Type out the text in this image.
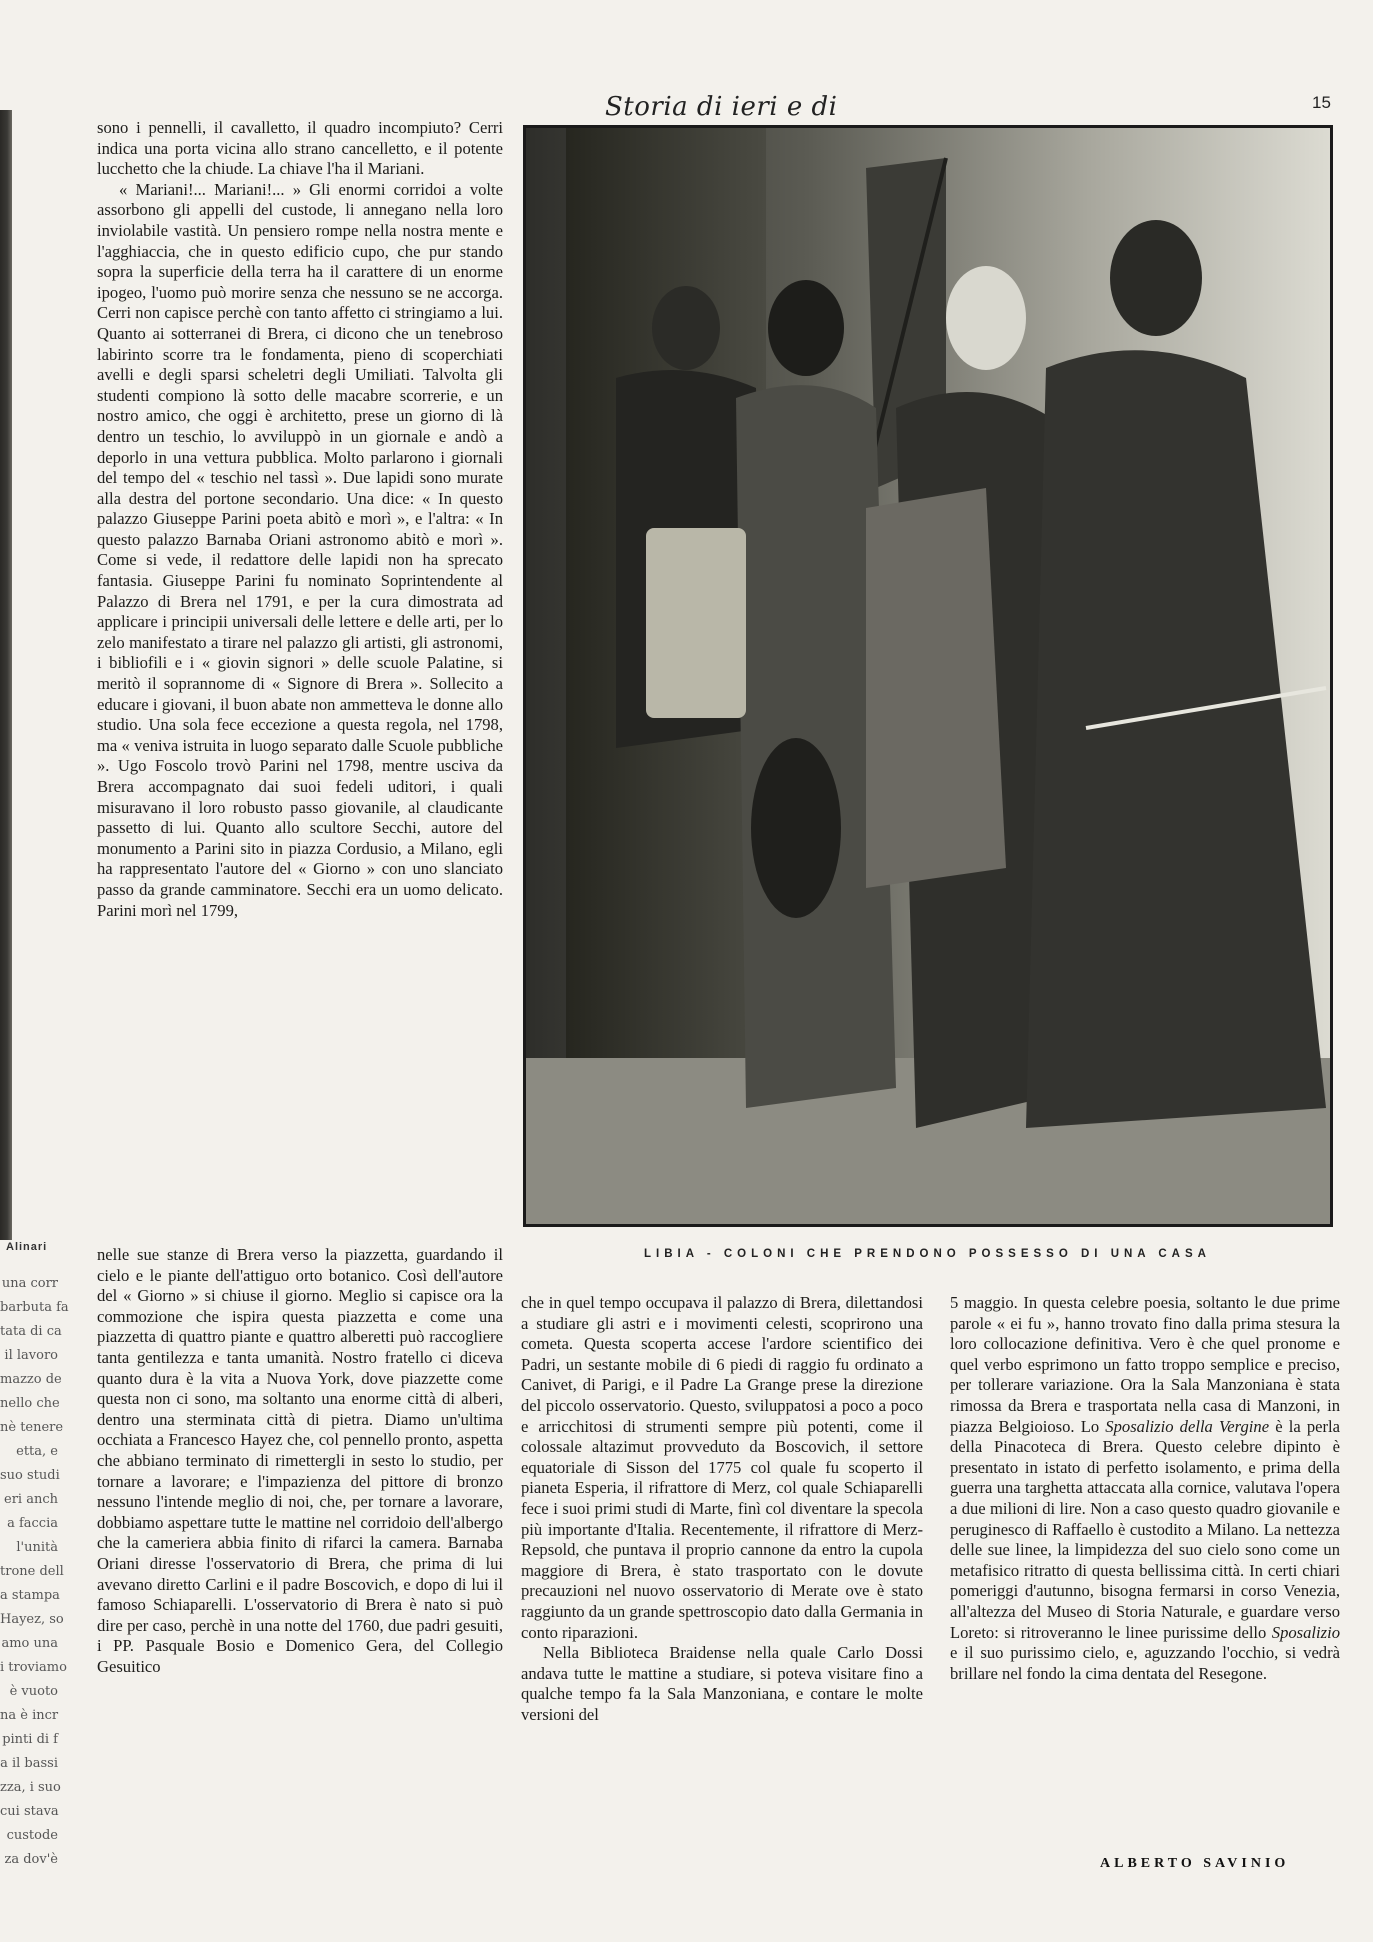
Alinari
una corr
barbuta fa
tata di ca
il lavoro
mazzo de
nello che
nè tenere
etta, e
suo studi
eri anch
a faccia
l'unità
trone dell
a stampa
Hayez, so
amo una
i troviamo
è vuoto
na è incr
pinti di f
a il bassi
zza, i suo
cui stava
custode
za dov'è
Storia di ieri e di	15

sono i pennelli, il cavalletto, il quadro incompiuto? Cerri indica una porta vicina allo strano cancelletto, e il potente lucchetto che la chiude. La chiave l'ha il Mariani.

« Mariani!... Mariani!... » Gli enormi corridoi a volte assorbono gli appelli del custode, li annegano nella loro inviolabile vastità. Un pensiero rompe nella nostra mente e l'agghiaccia, che in questo edificio cupo, che pur stando sopra la superficie della terra ha il carattere di un enorme ipogeo, l'uomo può morire senza che nessuno se ne accorga. Cerri non capisce perchè con tanto affetto ci stringiamo a lui. Quanto ai sotterranei di Brera, ci dicono che un tenebroso labirinto scorre tra le fondamenta, pieno di scoperchiati avelli e degli sparsi scheletri degli Umiliati. Talvolta gli studenti compiono là sotto delle macabre scorrerie, e un nostro amico, che oggi è architetto, prese un giorno di là dentro un teschio, lo avviluppò in un giornale e andò a deporlo in una vettura pubblica. Molto parlarono i giornali del tempo del « teschio nel tassì ». Due lapidi sono murate alla destra del portone secondario. Una dice: « In questo palazzo Giuseppe Parini poeta abitò e morì », e l'altra: « In questo palazzo Barnaba Oriani astronomo abitò e morì ». Come si vede, il redattore delle lapidi non ha sprecato fantasia. Giuseppe Parini fu nominato Soprintendente al Palazzo di Brera nel 1791, e per la cura dimostrata ad applicare i principii universali delle lettere e delle arti, per lo zelo manifestato a tirare nel palazzo gli artisti, gli astronomi, i bibliofili e i « giovin signori » delle scuole Palatine, si meritò il soprannome di « Signore di Brera ». Sollecito a educare i giovani, il buon abate non ammetteva le donne allo studio. Una sola fece eccezione a questa regola, nel 1798, ma « veniva istruita in luogo separato dalle Scuole pubbliche ». Ugo Foscolo trovò Parini nel 1798, mentre usciva da Brera accompagnato dai suoi fedeli uditori, i quali misuravano il loro robusto passo giovanile, al claudicante passetto di lui. Quanto allo scultore Secchi, autore del monumento a Parini sito in piazza Cordusio, a Milano, egli ha rappresentato l'autore del « Giorno » con uno slanciato passo da grande camminatore. Secchi era un uomo delicato. Parini morì nel 1799,

LIBIA - COLONI CHE PRENDONO POSSESSO DI UNA CASA

nelle sue stanze di Brera verso la piazzetta, guardando il cielo e le piante dell'attiguo orto botanico. Così dell'autore del « Giorno » si chiuse il giorno. Meglio si capisce ora la commozione che ispira questa piazzetta e come una piazzetta di quattro piante e quattro alberetti può raccogliere tanta gentilezza e tanta umanità. Nostro fratello ci diceva quanto dura è la vita a Nuova York, dove piazzette come questa non ci sono, ma soltanto una enorme città di alberi, dentro una sterminata città di pietra. Diamo un'ultima occhiata a Francesco Hayez che, col pennello pronto, aspetta che abbiano terminato di rimettergli in sesto lo studio, per tornare a lavorare; e l'impazienza del pittore di bronzo nessuno l'intende meglio di noi, che, per tornare a lavorare, dobbiamo aspettare tutte le mattine nel corridoio dell'albergo che la cameriera abbia finito di rifarci la camera. Barnaba Oriani diresse l'osservatorio di Brera, che prima di lui avevano diretto Carlini e il padre Boscovich, e dopo di lui il famoso Schiaparelli. L'osservatorio di Brera è nato si può dire per caso, perchè in una notte del 1760, due padri gesuiti, i PP. Pasquale Bosio e Domenico Gera, del Collegio Gesuitico

che in quel tempo occupava il palazzo di Brera, dilettandosi a studiare gli astri e i movimenti celesti, scoprirono una cometa. Questa scoperta accese l'ardore scientifico dei Padri, un sestante mobile di 6 piedi di raggio fu ordinato a Canivet, di Parigi, e il Padre La Grange prese la direzione del piccolo osservatorio. Questo, sviluppatosi a poco a poco e arricchitosi di strumenti sempre più potenti, come il colossale altazimut provveduto da Boscovich, il settore equatoriale di Sisson del 1775 col quale fu scoperto il pianeta Esperia, il rifrattore di Merz, col quale Schiaparelli fece i suoi primi studi di Marte, finì col diventare la specola più importante d'Italia. Recentemente, il rifrattore di Merz-Repsold, che puntava il proprio cannone da entro la cupola maggiore di Brera, è stato trasportato con le dovute precauzioni nel nuovo osservatorio di Merate ove è stato raggiunto da un grande spettroscopio dato dalla Germania in conto riparazioni.

Nella Biblioteca Braidense nella quale Carlo Dossi andava tutte le mattine a studiare, si poteva visitare fino a qualche tempo fa la Sala Manzoniana, e contare le molte versioni del

5 maggio. In questa celebre poesia, soltanto le due prime parole « ei fu », hanno trovato fino dalla prima stesura la loro collocazione definitiva. Vero è che quel pronome e quel verbo esprimono un fatto troppo semplice e preciso, per tollerare variazione. Ora la Sala Manzoniana è stata rimossa da Brera e trasportata nella casa di Manzoni, in piazza Belgioioso. Lo Sposalizio della Vergine è la perla della Pinacoteca di Brera. Questo celebre dipinto è presentato in istato di perfetto isolamento, e prima della guerra una targhetta attaccata alla cornice, valutava l'opera a due milioni di lire. Non a caso questo quadro giovanile e peruginesco di Raffaello è custodito a Milano. La nettezza delle sue linee, la limpidezza del suo cielo sono come un metafisico ritratto di questa bellissima città. In certi chiari pomeriggi d'autunno, bisogna fermarsi in corso Venezia, all'altezza del Museo di Storia Naturale, e guardare verso Loreto: si ritroveranno le linee purissime dello Sposalizio e il suo purissimo cielo, e, aguzzando l'occhio, si vedrà brillare nel fondo la cima dentata del Resegone.

ALBERTO SAVINIO
